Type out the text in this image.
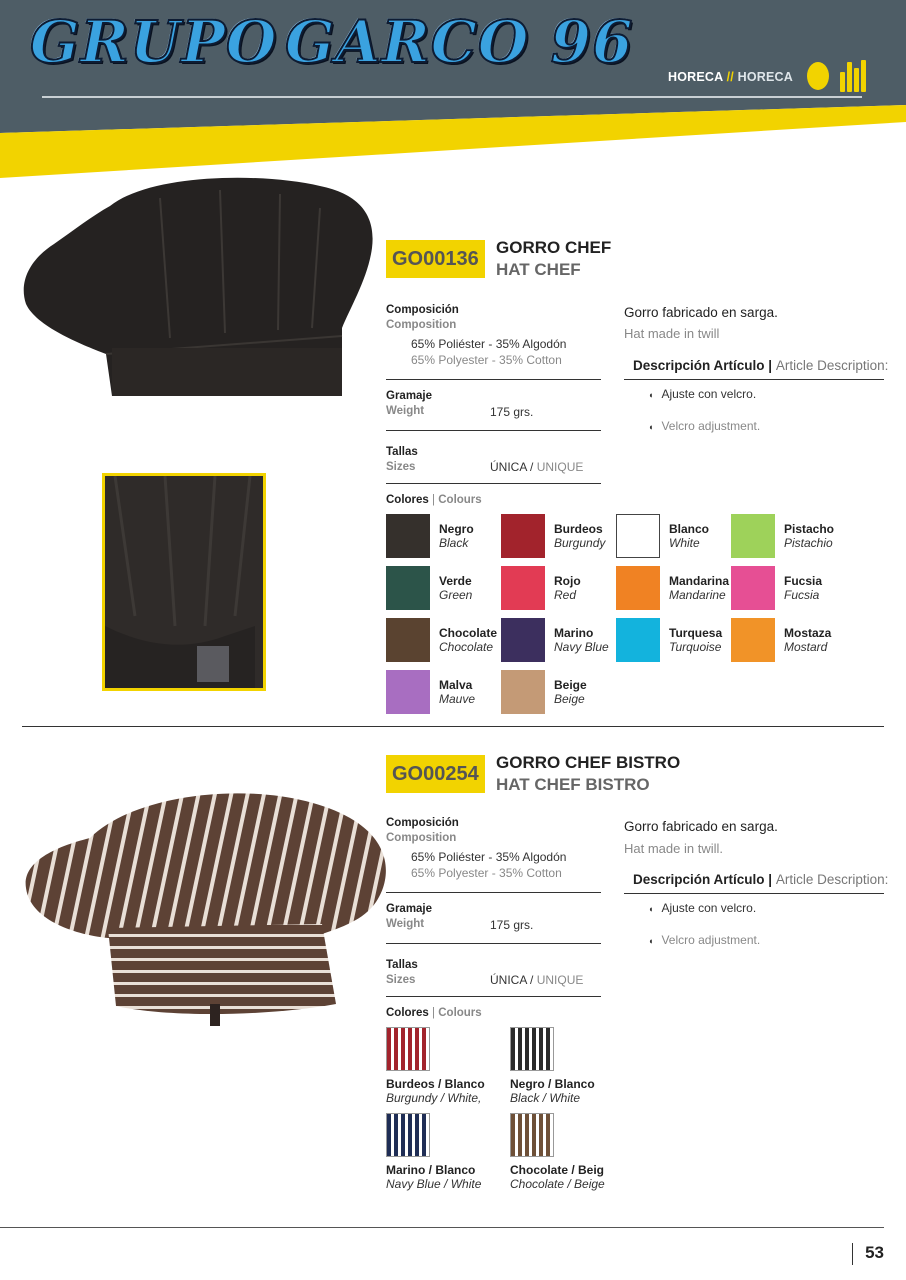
GRUPO GARCO 96
HORECA // HORECA
GO00136
GORRO CHEF
HAT CHEF
Composición
Composition
65% Poliéster - 35% Algodón
65% Polyester - 35% Cotton
Gramaje
Weight	175 grs.
Tallas
Sizes	ÚNICA / UNIQUE
Colores | Colours
Negro
Black
Burdeos
Burgundy
Blanco
White
Pistacho
Pistachio
Verde
Green
Rojo
Red
Mandarina
Mandarine
Fucsia
Fucsia
Chocolate
Chocolate
Marino
Navy Blue
Turquesa
Turquoise
Mostaza
Mostard
Malva
Mauve
Beige
Beige
Gorro fabricado en sarga.
Hat made in twill
Descripción Artículo | Article Description:
◖ Ajuste con velcro.
◖ Velcro adjustment.
GO00254
GORRO CHEF BISTRO
HAT CHEF BISTRO
Composición
Composition
65% Poliéster - 35% Algodón
65% Polyester - 35% Cotton
Gramaje
Weight	175 grs.
Tallas
Sizes	ÚNICA / UNIQUE
Colores | Colours
Burdeos / Blanco
Burgundy / White,
Negro / Blanco
Black / White
Marino / Blanco
Navy Blue / White
Chocolate / Beig
Chocolate / Beige
Gorro fabricado en sarga.
Hat made in twill.
Descripción Artículo | Article Description:
◖ Ajuste con velcro.
◖ Velcro adjustment.
53
